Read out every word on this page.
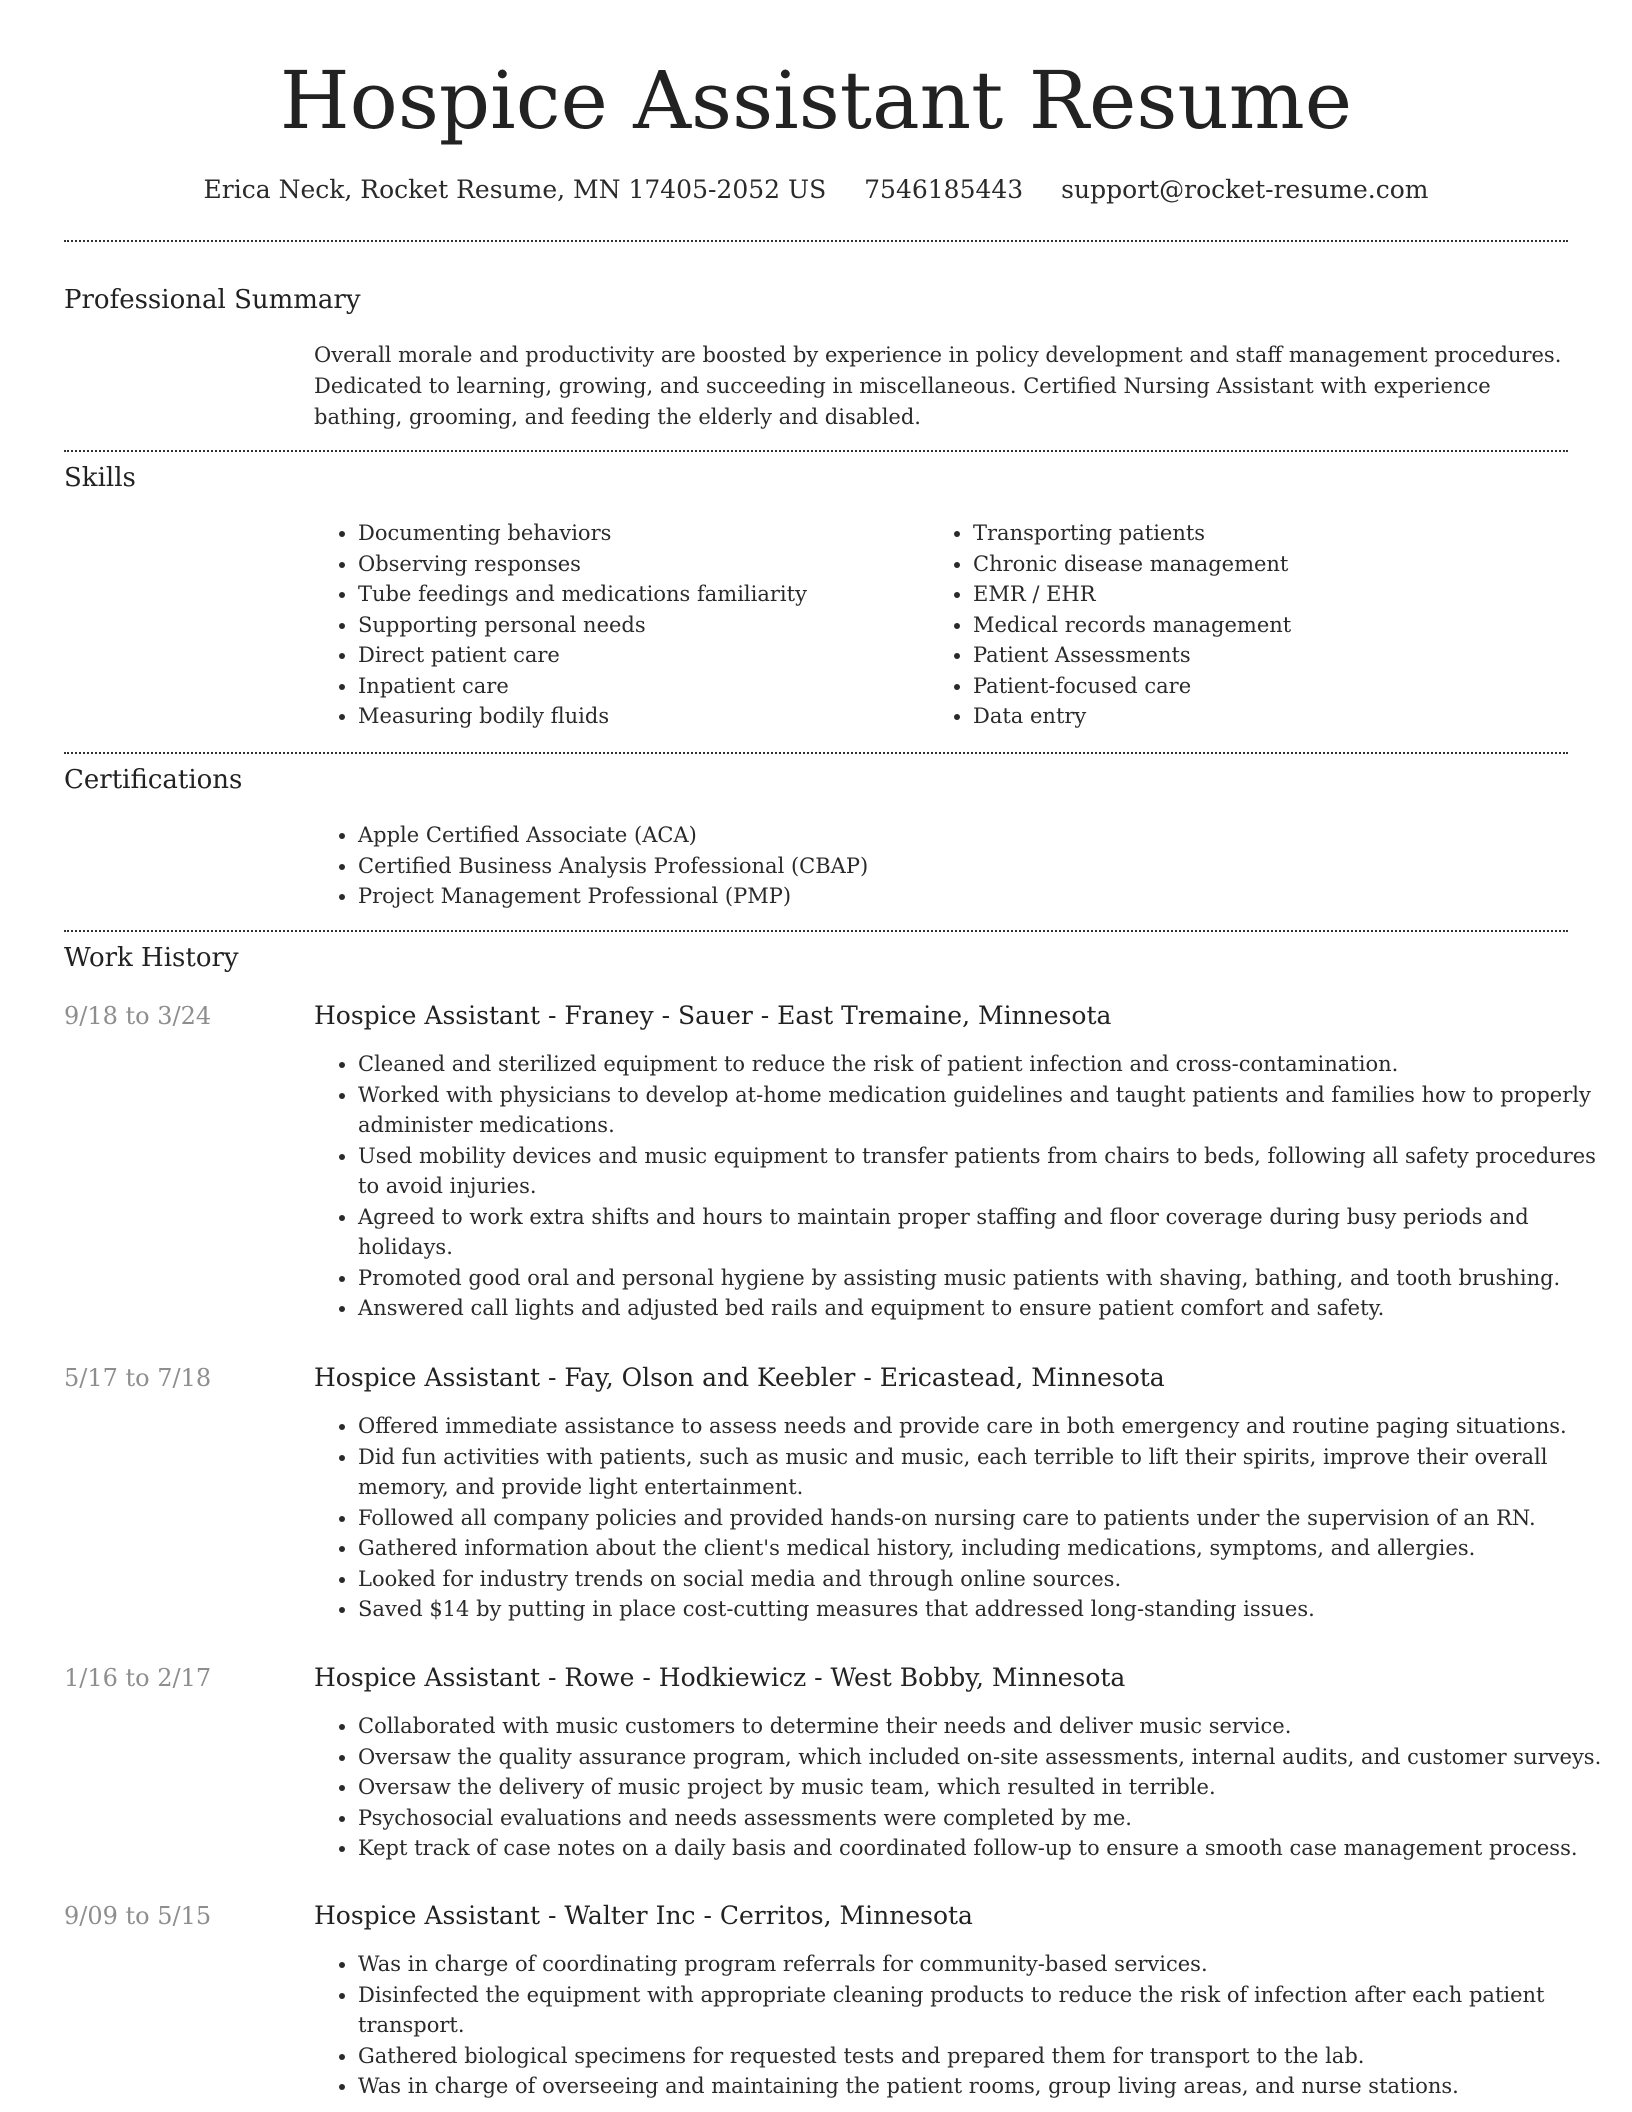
Hospice Assistant Resume
Erica Neck, Rocket Resume, MN 17405-2052 US 7546185443 support@rocket-resume.com
Professional Summary

Overall morale and productivity are boosted by experience in policy development and staff management procedures. Dedicated to learning, growing, and succeeding in miscellaneous. Certified Nursing Assistant with experience bathing, grooming, and feeding the elderly and disabled.

Skills
• Documenting behaviors
• Observing responses
• Tube feedings and medications familiarity
• Supporting personal needs
• Direct patient care
• Inpatient care
• Measuring bodily fluids
• Transporting patients
• Chronic disease management
• EMR / EHR
• Medical records management
• Patient Assessments
• Patient-focused care
• Data entry
Certifications
• Apple Certified Associate (ACA)
• Certified Business Analysis Professional (CBAP)
• Project Management Professional (PMP)
Work History
9/18 to 3/24	Hospice Assistant - Franey - Sauer - East Tremaine, Minnesota
• Cleaned and sterilized equipment to reduce the risk of patient infection and cross-contamination.
• Worked with physicians to develop at-home medication guidelines and taught patients and families how to properly administer medications.
• Used mobility devices and music equipment to transfer patients from chairs to beds, following all safety procedures to avoid injuries.
• Agreed to work extra shifts and hours to maintain proper staffing and floor coverage during busy periods and holidays.
• Promoted good oral and personal hygiene by assisting music patients with shaving, bathing, and tooth brushing.
• Answered call lights and adjusted bed rails and equipment to ensure patient comfort and safety.
5/17 to 7/18	Hospice Assistant - Fay, Olson and Keebler - Ericastead, Minnesota
• Offered immediate assistance to assess needs and provide care in both emergency and routine paging situations.
• Did fun activities with patients, such as music and music, each terrible to lift their spirits, improve their overall memory, and provide light entertainment.
• Followed all company policies and provided hands-on nursing care to patients under the supervision of an RN.
• Gathered information about the client's medical history, including medications, symptoms, and allergies.
• Looked for industry trends on social media and through online sources.
• Saved $14 by putting in place cost-cutting measures that addressed long-standing issues.
1/16 to 2/17	Hospice Assistant - Rowe - Hodkiewicz - West Bobby, Minnesota
• Collaborated with music customers to determine their needs and deliver music service.
• Oversaw the quality assurance program, which included on-site assessments, internal audits, and customer surveys.
• Oversaw the delivery of music project by music team, which resulted in terrible.
• Psychosocial evaluations and needs assessments were completed by me.
• Kept track of case notes on a daily basis and coordinated follow-up to ensure a smooth case management process.
9/09 to 5/15	Hospice Assistant - Walter Inc - Cerritos, Minnesota
• Was in charge of coordinating program referrals for community-based services.
• Disinfected the equipment with appropriate cleaning products to reduce the risk of infection after each patient transport.
• Gathered biological specimens for requested tests and prepared them for transport to the lab.
• Was in charge of overseeing and maintaining the patient rooms, group living areas, and nurse stations.
